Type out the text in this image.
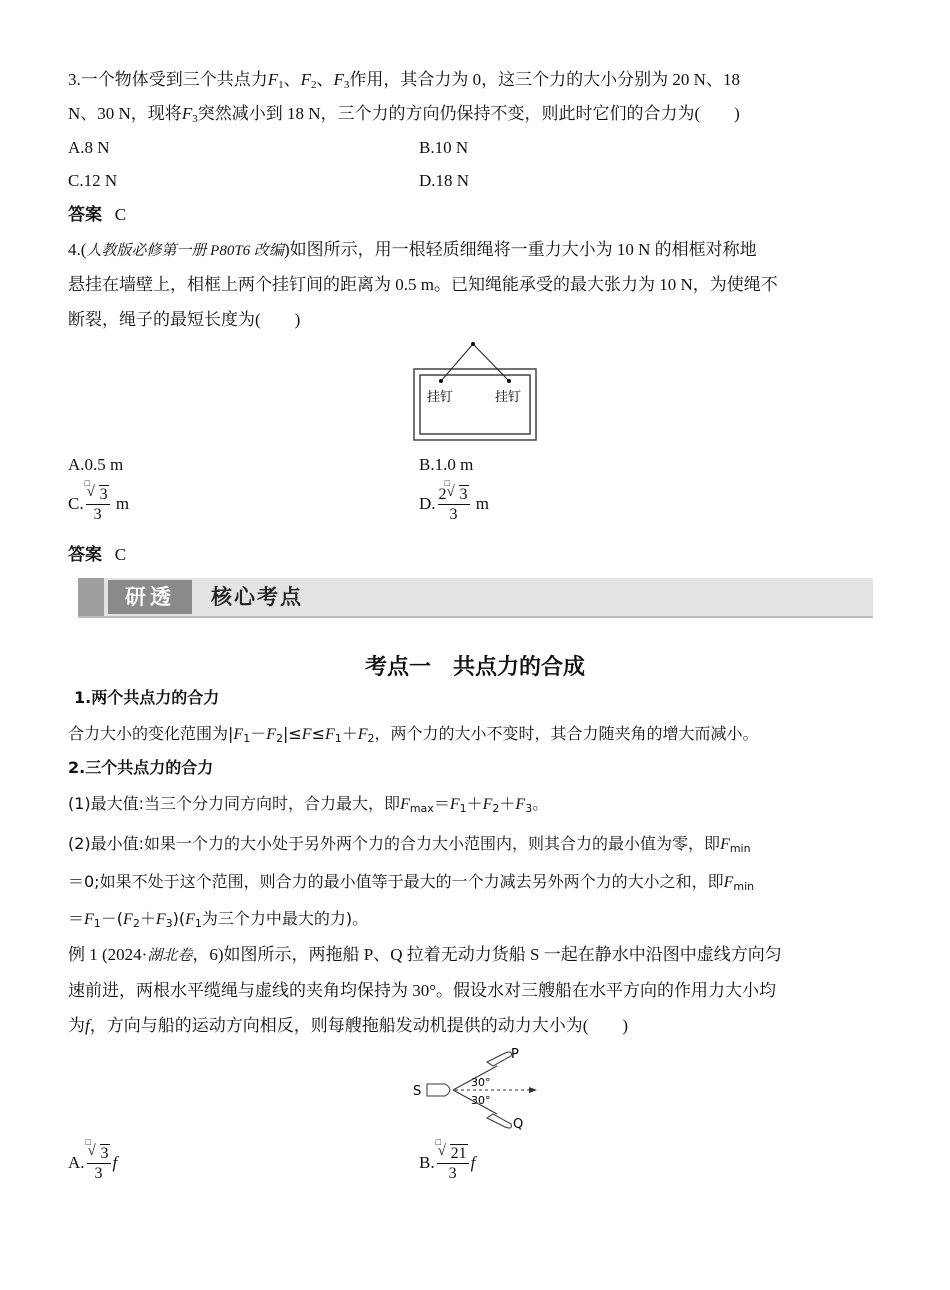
3.一个物体受到三个共点力$F_1$、$F_2$、$F_3$作用，其合力为 0，这三个力的大小分别为 20 N、18
N、30 N，现将$F_3$突然减小到 18 N，三个力的方向仍保持不变，则此时它们的合力为(　　)
A.8 N	B.10 N
C.12 N	D.18 N
答案 C
4.(人教版必修第一册 P80T6 改编)如图所示，用一根轻质细绳将一重力大小为 10 N 的相框对称地
悬挂在墙壁上，相框上两个挂钉间的距离为 0.5 m。已知绳能承受的最大张力为 10 N，为使绳不
断裂，绳子的最短长度为(　　)
挂钉	挂钉
A.0.5 m	B.1.0 m
C. □
√ 3
3 m	D. 2
□
√ 3
3 m
答案 C
研透	核心考点
考点一　共点力的合成
1.两个共点力的合力
合力大小的变化范围为$|F_1-F_2|\le F\le F_1+F_2$，两个力的大小不变时，其合力随夹角的增大而减小。
2.三个共点力的合力
(1)最大值:当三个分力同方向时，合力最大，即$F_{max}=F_1+F_2+F_3$。
(2)最小值:如果一个力的大小处于另外两个力的合力大小范围内，则其合力的最小值为零，即$F_{min}$
＝0;如果不处于这个范围，则合力的最小值等于最大的一个力减去另外两个力的大小之和，即$F_{min}$
$=F_1-(F_2+F_3)(F_1$为三个力中最大的力)。
例 1 (2024·湖北卷，6)如图所示，两拖船 P、Q 拉着无动力货船 S 一起在静水中沿图中虚线方向匀
速前进，两根水平缆绳与虚线的夹角均保持为 30°。假设水对三艘船在水平方向的作用力大小均
为f，方向与船的运动方向相反，则每艘拖船发动机提供的动力大小为(　　)
S
P
Q
30°
30°
A. □
√ 3
3 f	B. □
√ 21
3 f
